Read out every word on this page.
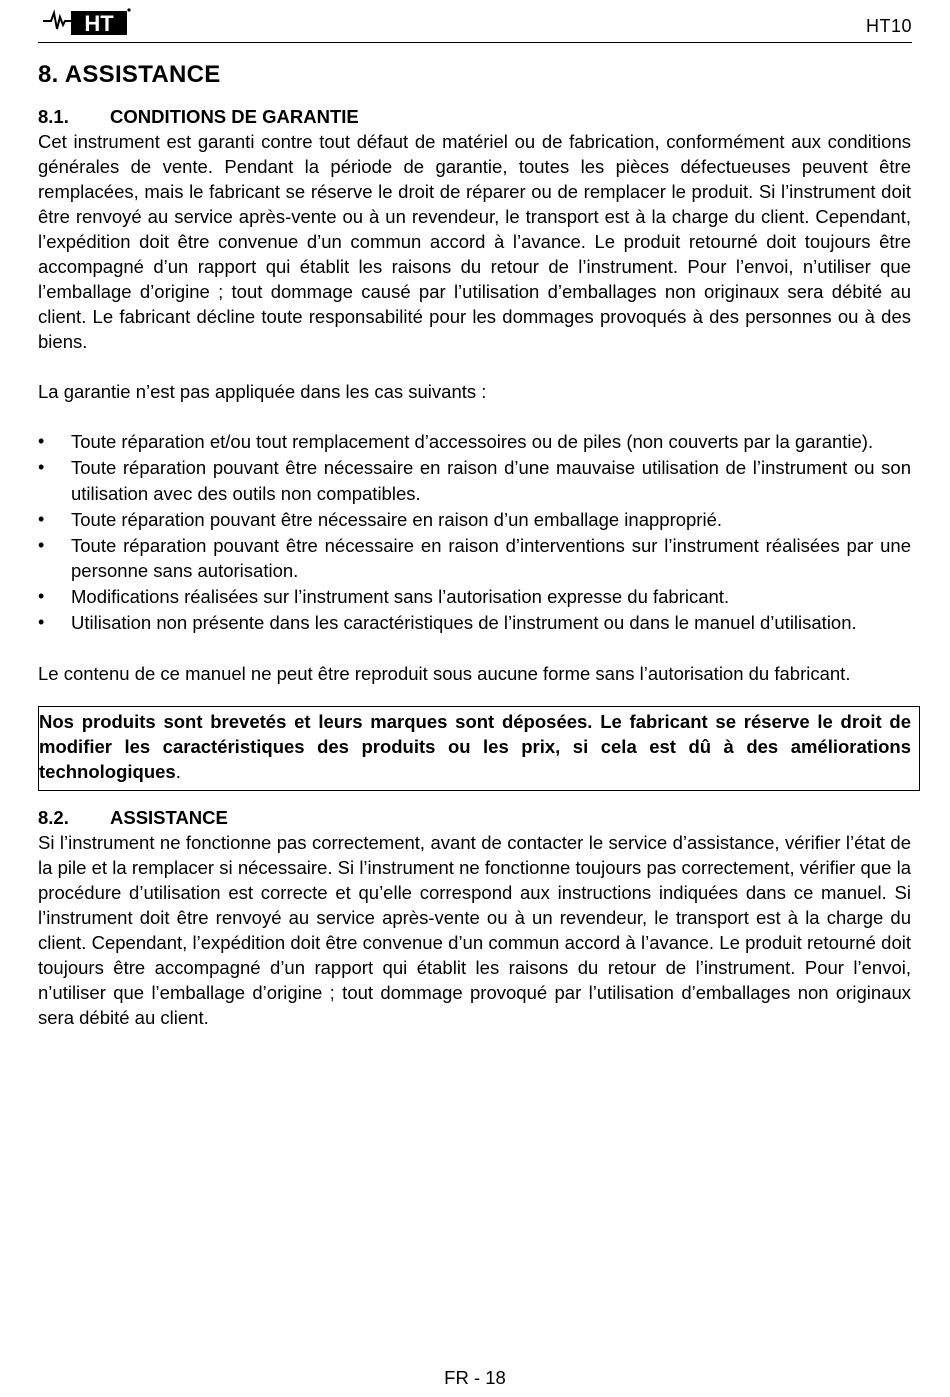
HT	HT10
8. ASSISTANCE
8.1. CONDITIONS DE GARANTIE

Cet instrument est garanti contre tout défaut de matériel ou de fabrication, conformément aux conditions générales de vente. Pendant la période de garantie, toutes les pièces défectueuses peuvent être remplacées, mais le fabricant se réserve le droit de réparer ou de remplacer le produit. Si l’instrument doit être renvoyé au service après-vente ou à un revendeur, le transport est à la charge du client. Cependant, l’expédition doit être convenue d’un commun accord à l’avance. Le produit retourné doit toujours être accompagné d’un rapport qui établit les raisons du retour de l’instrument. Pour l’envoi, n’utiliser que l’emballage d’origine ; tout dommage causé par l’utilisation d’emballages non originaux sera débité au client. Le fabricant décline toute responsabilité pour les dommages provoqués à des personnes ou à des biens.

La garantie n’est pas appliquée dans les cas suivants :

• Toute réparation et/ou tout remplacement d’accessoires ou de piles (non couverts par la garantie).
• Toute réparation pouvant être nécessaire en raison d’une mauvaise utilisation de l’instrument ou son utilisation avec des outils non compatibles.
• Toute réparation pouvant être nécessaire en raison d’un emballage inapproprié.
• Toute réparation pouvant être nécessaire en raison d’interventions sur l’instrument réalisées par une personne sans autorisation.
• Modifications réalisées sur l’instrument sans l’autorisation expresse du fabricant.
• Utilisation non présente dans les caractéristiques de l’instrument ou dans le manuel d’utilisation.

Le contenu de ce manuel ne peut être reproduit sous aucune forme sans l’autorisation du fabricant.

Nos produits sont brevetés et leurs marques sont déposées. Le fabricant se réserve le droit de modifier les caractéristiques des produits ou les prix, si cela est dû à des améliorations technologiques.
8.2. ASSISTANCE

Si l’instrument ne fonctionne pas correctement, avant de contacter le service d’assistance, vérifier l’état de la pile et la remplacer si nécessaire. Si l’instrument ne fonctionne toujours pas correctement, vérifier que la procédure d’utilisation est correcte et qu’elle correspond aux instructions indiquées dans ce manuel. Si l’instrument doit être renvoyé au service après-vente ou à un revendeur, le transport est à la charge du client. Cependant, l’expédition doit être convenue d’un commun accord à l’avance. Le produit retourné doit toujours être accompagné d’un rapport qui établit les raisons du retour de l’instrument. Pour l’envoi, n’utiliser que l’emballage d’origine ; tout dommage provoqué par l’utilisation d’emballages non originaux sera débité au client.

FR - 18
